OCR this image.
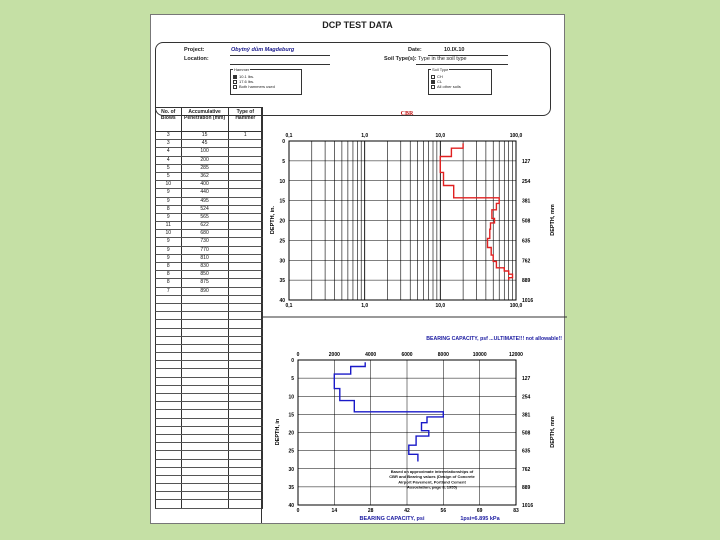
DCP TEST DATA
Project:	Obytný dům Magdeburg
Location:
Date:	10.IX.10
Soil Type(s): Type in the soil type
Hammer
10.1 lbs.
17.6 lbs.
Both hammers used
Soil Type
CH
CL
All other soils
No. of Blows
Accumulative Penetration (mm)
Type of Hammer
3	15	1
3	45
4	100
4	200
5	285
5	362
10	400
9	440
9	495
8	524
9	565
11	622
10	680
9	730
9	770
9	810
8	830
8	850
8	875
7	890
CBR
0,1
0,1
1,0
1,0
10,0
10,0
100,0
100,0
0
5
10
15
20
25
30
35
40
127
254
381
508
635
762
889
1016
DEPTH, in.	DEPTH, mm
BEARING CAPACITY, psf ...ULTIMATE!!! not allowable!!
0	2000	4000	6000	8000	10000	12000
0	14	28	42	56	69	83
0
5
10
15
20
25
30
35
40
127
254
381
508
635
762
889
1016
DEPTH, in	DEPTH, mm
BEARING CAPACITY, psi	1psi=6.895 kPa
Based on approximate interrelationships of CBR and Bearing values (Design of Concrete Airport Pavement, Portland Cement Association, page 8, 1955)
